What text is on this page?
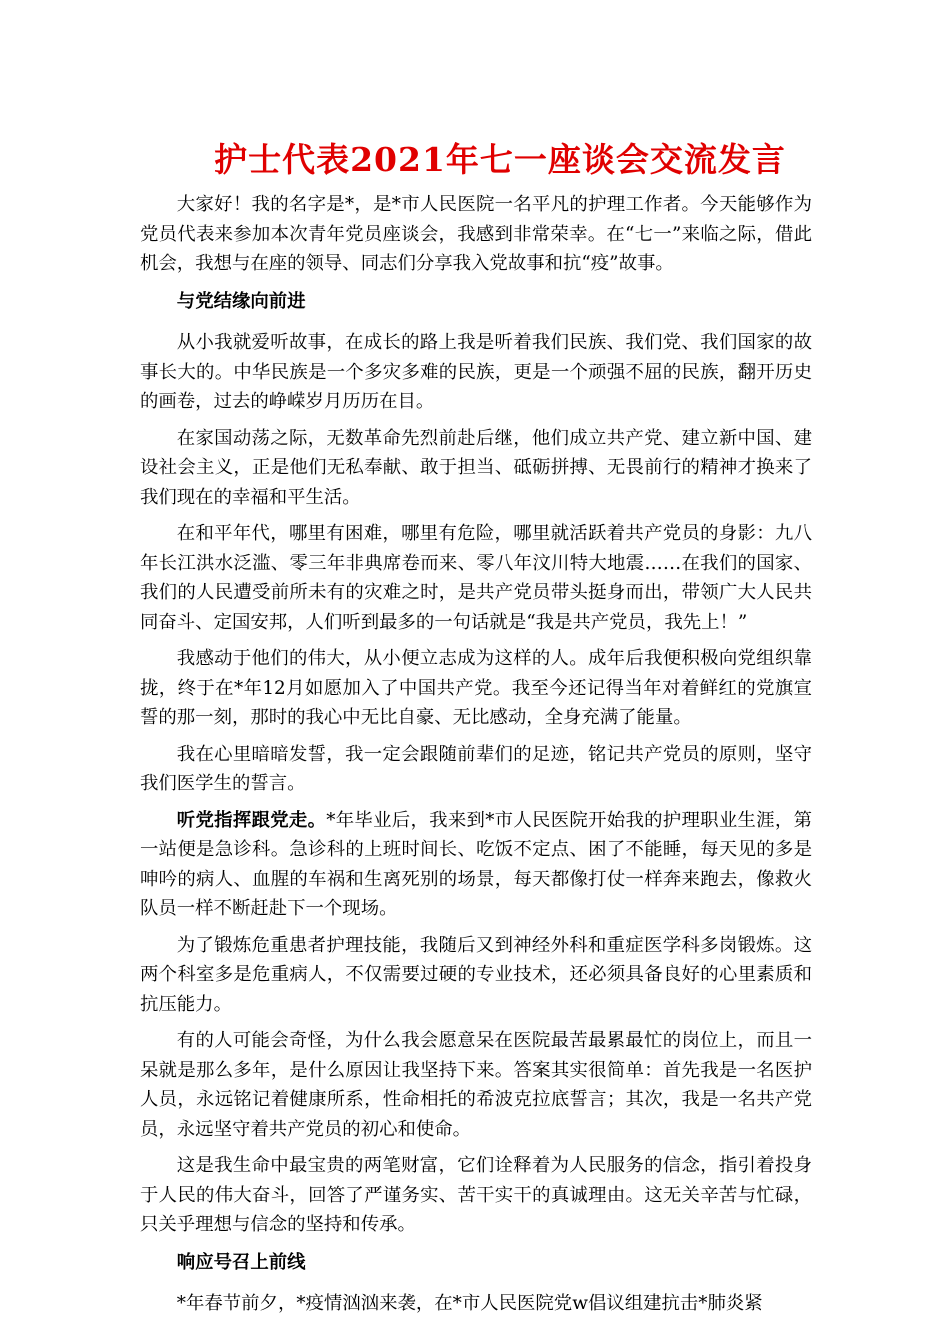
护士代表2021年七一座谈会交流发言

大家好！我的名字是*，是*市人民医院一名平凡的护理工作者。今天能够作为党员代表来参加本次青年党员座谈会，我感到非常荣幸。在“七一”来临之际，借此机会，我想与在座的领导、同志们分享我入党故事和抗“疫”故事。

与党结缘向前进

从小我就爱听故事，在成长的路上我是听着我们民族、我们党、我们国家的故事长大的。中华民族是一个多灾多难的民族，更是一个顽强不屈的民族，翻开历史的画卷，过去的峥嵘岁月历历在目。

在家国动荡之际，无数革命先烈前赴后继，他们成立共产党、建立新中国、建设社会主义，正是他们无私奉献、敢于担当、砥砺拼搏、无畏前行的精神才换来了我们现在的幸福和平生活。

在和平年代，哪里有困难，哪里有危险，哪里就活跃着共产党员的身影：九八年长江洪水泛滥、零三年非典席卷而来、零八年汶川特大地震……在我们的国家、我们的人民遭受前所未有的灾难之时，是共产党员带头挺身而出，带领广大人民共同奋斗、定国安邦，人们听到最多的一句话就是“我是共产党员，我先上！”

我感动于他们的伟大，从小便立志成为这样的人。成年后我便积极向党组织靠拢，终于在*年12月如愿加入了中国共产党。我至今还记得当年对着鲜红的党旗宣誓的那一刻，那时的我心中无比自豪、无比感动，全身充满了能量。

我在心里暗暗发誓，我一定会跟随前辈们的足迹，铭记共产党员的原则，坚守我们医学生的誓言。

听党指挥跟党走。*年毕业后，我来到*市人民医院开始我的护理职业生涯，第一站便是急诊科。急诊科的上班时间长、吃饭不定点、困了不能睡，每天见的多是呻吟的病人、血腥的车祸和生离死别的场景，每天都像打仗一样奔来跑去，像救火队员一样不断赶赴下一个现场。

为了锻炼危重患者护理技能，我随后又到神经外科和重症医学科多岗锻炼。这两个科室多是危重病人，不仅需要过硬的专业技术，还必须具备良好的心里素质和抗压能力。

有的人可能会奇怪，为什么我会愿意呆在医院最苦最累最忙的岗位上，而且一呆就是那么多年，是什么原因让我坚持下来。答案其实很简单：首先我是一名医护人员，永远铭记着健康所系，性命相托的希波克拉底誓言；其次，我是一名共产党员，永远坚守着共产党员的初心和使命。

这是我生命中最宝贵的两笔财富，它们诠释着为人民服务的信念，指引着投身于人民的伟大奋斗，回答了严谨务实、苦干实干的真诚理由。这无关辛苦与忙碌，只关乎理想与信念的坚持和传承。

响应号召上前线

*年春节前夕，*疫情汹汹来袭，在*市人民医院党w倡议组建抗击*肺炎紧
